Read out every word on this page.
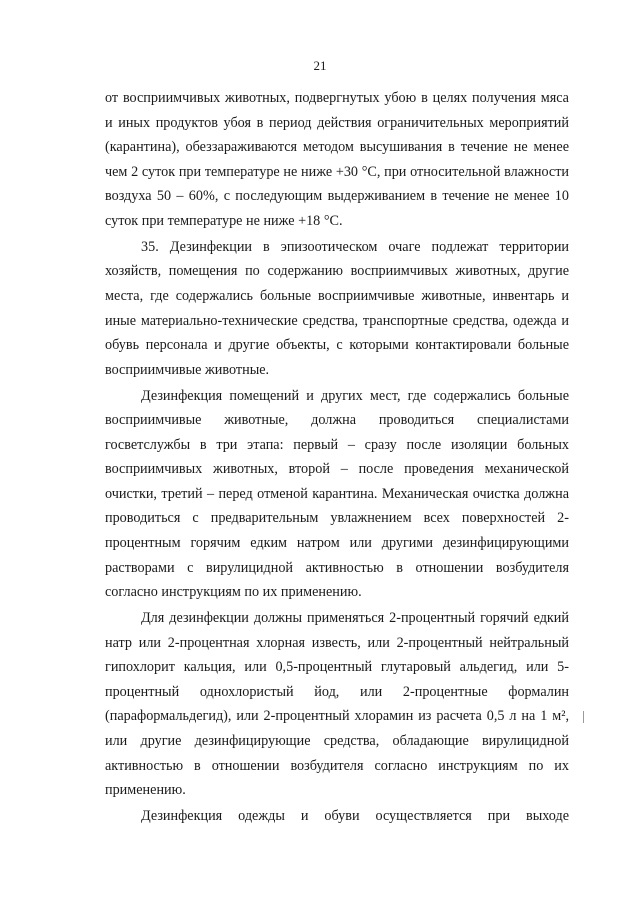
21

от восприимчивых животных, подвергнутых убою в целях получения мяса и иных продуктов убоя в период действия ограничительных мероприятий (карантина), обеззараживаются методом высушивания в течение не менее чем 2 суток при температуре не ниже +30 °С, при относительной влажности воздуха 50 – 60%, с последующим выдерживанием в течение не менее 10 суток при температуре не ниже +18 °С.

35. Дезинфекции в эпизоотическом очаге подлежат территории хозяйств, помещения по содержанию восприимчивых животных, другие места, где содержались больные восприимчивые животные, инвентарь и иные материально-технические средства, транспортные средства, одежда и обувь персонала и другие объекты, с которыми контактировали больные восприимчивые животные.

Дезинфекция помещений и других мест, где содержались больные восприимчивые животные, должна проводиться специалистами госветслужбы в три этапа: первый – сразу после изоляции больных восприимчивых животных, второй – после проведения механической очистки, третий – перед отменой карантина. Механическая очистка должна проводиться с предварительным увлажнением всех поверхностей 2-процентным горячим едким натром или другими дезинфицирующими растворами с вирулицидной активностью в отношении возбудителя согласно инструкциям по их применению.

Для дезинфекции должны применяться 2-процентный горячий едкий натр или 2-процентная хлорная известь, или 2-процентный нейтральный гипохлорит кальция, или 0,5-процентный глутаровый альдегид, или 5-процентный однохлористый йод, или 2-процентные формалин (параформальдегид), или 2-процентный хлорамин из расчета 0,5 л на 1 м², или другие дезинфицирующие средства, обладающие вирулицидной активностью в отношении возбудителя согласно инструкциям по их применению.

Дезинфекция одежды и обуви осуществляется при выходе
